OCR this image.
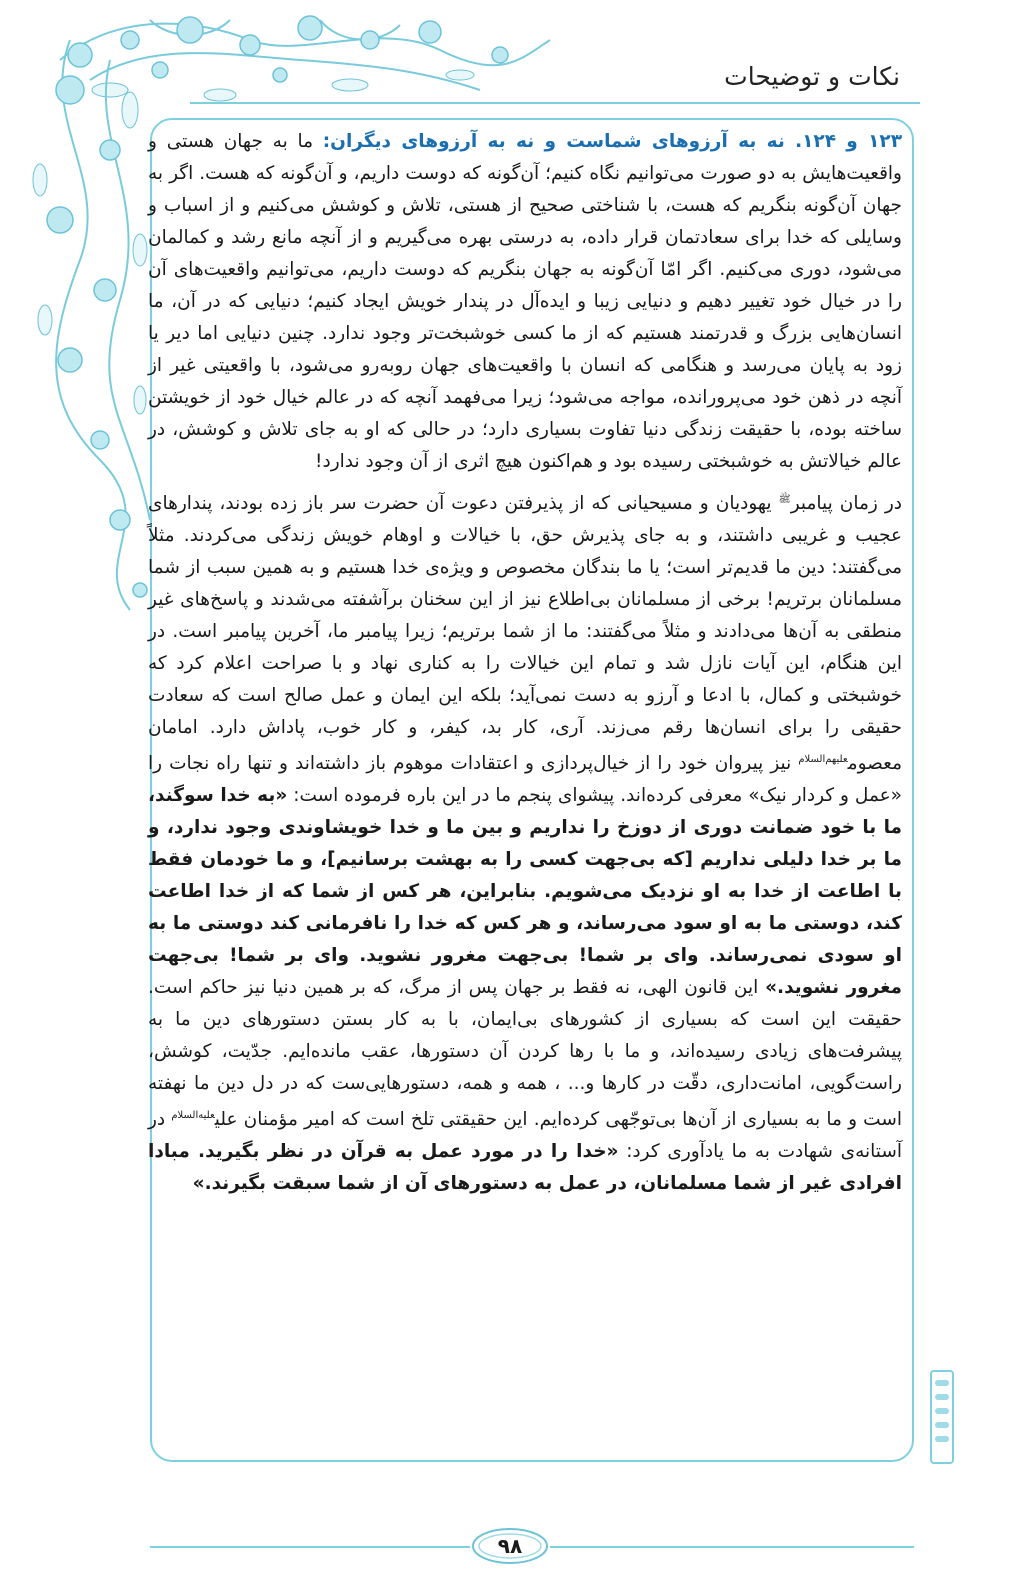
نکات و توضیحات

۱۲۳ و ۱۲۴. نه به آرزوهای شماست و نه به آرزوهای دیگران: ما به جهان هستی و واقعیت‌هایش به دو صورت می‌توانیم نگاه کنیم؛ آن‌گونه که دوست داریم، و آن‌گونه که هست. اگر به جهان آن‌گونه بنگریم که هست، با شناختی صحیح از هستی، تلاش و کوشش می‌کنیم و از اسباب و وسایلی که خدا برای سعادتمان قرار داده، به درستی بهره می‌گیریم و از آنچه مانع رشد و کمالمان می‌شود، دوری می‌کنیم. اگر امّا آن‌گونه به جهان بنگریم که دوست داریم، می‌توانیم واقعیت‌های آن را در خیال خود تغییر دهیم و دنیایی زیبا و ایده‌آل در پندار خویش ایجاد کنیم؛ دنیایی که در آن، ما انسان‌هایی بزرگ و قدرتمند هستیم که از ما کسی خوشبخت‌تر وجود ندارد. چنین دنیایی اما دیر یا زود به پایان می‌رسد و هنگامی که انسان با واقعیت‌های جهان روبه‌رو می‌شود، با واقعیتی غیر از آنچه در ذهن خود می‌پرورانده، مواجه می‌شود؛ زیرا می‌فهمد آنچه که در عالم خیال خود از خویشتن ساخته بوده، با حقیقت زندگی دنیا تفاوت بسیاری دارد؛ در حالی که او به جای تلاش و کوشش، در عالم خیالاتش به خوشبختی رسیده بود و هم‌اکنون هیچ اثری از آن وجود ندارد!

در زمان پیامبر$^ﷺ$ یهودیان و مسیحیانی که از پذیرفتن دعوت آن حضرت سر باز زده بودند، پندارهای عجیب و غریبی داشتند، و به جای پذیرش حق، با خیالات و اوهام خویش زندگی می‌کردند. مثلاً می‌گفتند: دین ما قدیم‌تر است؛ یا ما بندگان مخصوص و ویژه‌ی خدا هستیم و به همین سبب از شما مسلمانان برتریم! برخی از مسلمانان بی‌اطلاع نیز از این سخنان برآشفته می‌شدند و پاسخ‌های غیر منطقی به آن‌ها می‌دادند و مثلاً می‌گفتند: ما از شما برتریم؛ زیرا پیامبر ما، آخرین پیامبر است. در این هنگام، این آیات نازل شد و تمام این خیالات را به کناری نهاد و با صراحت اعلام کرد که خوشبختی و کمال، با ادعا و آرزو به دست نمی‌آید؛ بلکه این ایمان و عمل صالح است که سعادت حقیقی را برای انسان‌ها رقم می‌زند. آری، کار بد، کیفر، و کار خوب، پاداش دارد. امامان معصوم$^{علیهم‌السلام}$ نیز پیروان خود را از خیال‌پردازی و اعتقادات موهوم باز داشته‌اند و تنها راه نجات را «عمل و کردار نیک» معرفی کرده‌اند. پیشوای پنجم ما در این باره فرموده است: «به خدا سوگند، ما با خود ضمانت دوری از دوزخ را نداریم و بین ما و خدا خویشاوندی وجود ندارد، و ما بر خدا دلیلی نداریم [که بی‌جهت کسی را به بهشت برسانیم]، و ما خودمان فقط با اطاعت از خدا به او نزدیک می‌شویم. بنابراین، هر کس از شما که از خدا اطاعت کند، دوستی ما به او سود می‌رساند، و هر کس که خدا را نافرمانی کند دوستی ما به او سودی نمی‌رساند. وای بر شما! بی‌جهت مغرور نشوید. وای بر شما! بی‌جهت مغرور نشوید.» این قانون الهی، نه فقط بر جهان پس از مرگ، که بر همین دنیا نیز حاکم است. حقیقت این است که بسیاری از کشورهای بی‌ایمان، با به کار بستن دستورهای دین ما به پیشرفت‌های زیادی رسیده‌اند، و ما با رها کردن آن دستورها، عقب مانده‌ایم. جدّیت، کوشش، راست‌گویی، امانت‌داری، دقّت در کارها و... ، همه و همه، دستورهایی‌ست که در دل دین ما نهفته است و ما به بسیاری از آن‌ها بی‌توجّهی کرده‌ایم. این حقیقتی تلخ است که امیر مؤمنان علی$^{علیه‌السلام}$ در آستانه‌ی شهادت به ما یادآوری کرد: «خدا را در مورد عمل به قرآن در نظر بگیرید. مبادا افرادی غیر از شما مسلمانان، در عمل به دستورهای آن از شما سبقت بگیرند.»

۹۸
